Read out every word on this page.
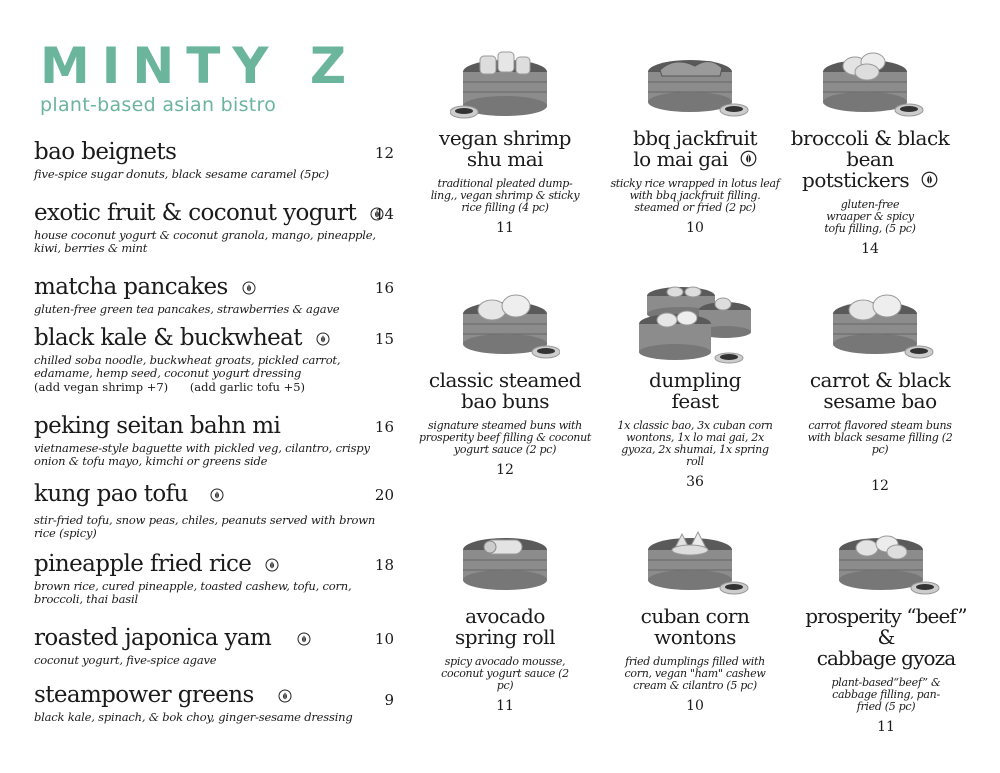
MINTY Z
plant-based asian bistro
bao beignets	12
five-spice sugar donuts, black sesame caramel (5pc)
exotic fruit & coconut yogurt 14
house coconut yogurt & coconut granola, mango, pineapple, kiwi, berries & mint
matcha pancakes	16
gluten-free green tea pancakes, strawberries & agave
black kale & buckwheat	15
chilled soba noodle, buckwheat groats, pickled carrot, edamame, hemp seed, coconut yogurt dressing
(add vegan shrimp +7) (add garlic tofu +5)
peking seitan bahn mi	16
vietnamese-style baguette with pickled veg, cilantro, crispy onion & tofu mayo, kimchi or greens side
kung pao tofu	20
stir-fried tofu, snow peas, chiles, peanuts served with brown rice (spicy)
pineapple fried rice	18
brown rice, cured pineapple, toasted cashew, tofu, corn, broccoli, thai basil
roasted japonica yam	10
coconut yogurt, five-spice agave
steampower greens	9
black kale, spinach, & bok choy, ginger-sesame dressing
vegan shrimp
shu mai
traditional pleated dump-ling,, vegan shrimp & sticky rice filling (4 pc)
11
bbq jackfruit
lo mai gai
sticky rice wrapped in lotus leaf with bbq jackfruit filling. steamed or fried (2 pc)
10
broccoli & black bean
potstickers
gluten-free wraaper & spicy tofu filling, (5 pc)
14
classic steamed
bao buns
signature steamed buns with prosperity beef filling & coconut yogurt sauce (2 pc)
12
dumpling
feast
1x classic bao, 3x cuban corn wontons, 1x lo mai gai, 2x gyoza, 2x shumai, 1x spring roll
36
carrot & black
sesame bao
carrot flavored steam buns with black sesame filling (2 pc)
12
avocado
spring roll
spicy avocado mousse, coconut yogurt sauce (2 pc)
11
cuban corn
wontons
fried dumplings filled with corn, vegan "ham" cashew cream & cilantro (5 pc)
10
prosperity “beef” &
cabbage gyoza
plant-based“beef” & cabbage filling, pan-fried (5 pc)
11
